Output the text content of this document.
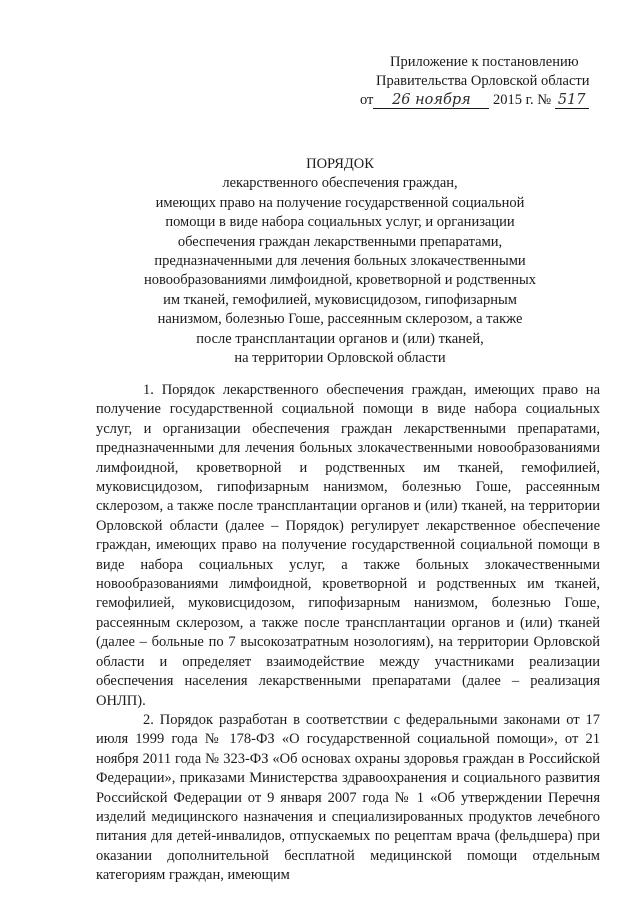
Приложение к постановлению
Правительства Орловской области
от 26 ноября 2015 г. № 517
ПОРЯДОК
лекарственного обеспечения граждан,
имеющих право на получение государственной социальной
помощи в виде набора социальных услуг, и организации
обеспечения граждан лекарственными препаратами,
предназначенными для лечения больных злокачественными
новообразованиями лимфоидной, кроветворной и родственных
им тканей, гемофилией, муковисцидозом, гипофизарным
нанизмом, болезнью Гоше, рассеянным склерозом, а также
после трансплантации органов и (или) тканей,
на территории Орловской области

1. Порядок лекарственного обеспечения граждан, имеющих право на получение государственной социальной помощи в виде набора социальных услуг, и организации обеспечения граждан лекарственными препаратами, предназначенными для лечения больных злокачественными новообразованиями лимфоидной, кроветворной и родственных им тканей, гемофилией, муковисцидозом, гипофизарным нанизмом, болезнью Гоше, рассеянным склерозом, а также после трансплантации органов и (или) тканей, на территории Орловской области (далее – Порядок) регулирует лекарственное обеспечение граждан, имеющих право на получение государственной социальной помощи в виде набора социальных услуг, а также больных злокачественными новообразованиями лимфоидной, кроветворной и родственных им тканей, гемофилией, муковисцидозом, гипофизарным нанизмом, болезнью Гоше, рассеянным склерозом, а также после трансплантации органов и (или) тканей (далее – больные по 7 высокозатратным нозологиям), на территории Орловской области и определяет взаимодействие между участниками реализации обеспечения населения лекарственными препаратами (далее – реализация ОНЛП).

2. Порядок разработан в соответствии с федеральными законами от 17 июля 1999 года № 178-ФЗ «О государственной социальной помощи», от 21 ноября 2011 года № 323-ФЗ «Об основах охраны здоровья граждан в Российской Федерации», приказами Министерства здравоохранения и социального развития Российской Федерации от 9 января 2007 года № 1 «Об утверждении Перечня изделий медицинского назначения и специализированных продуктов лечебного питания для детей-инвалидов, отпускаемых по рецептам врача (фельдшера) при оказании дополнительной бесплатной медицинской помощи отдельным категориям граждан, имеющим
